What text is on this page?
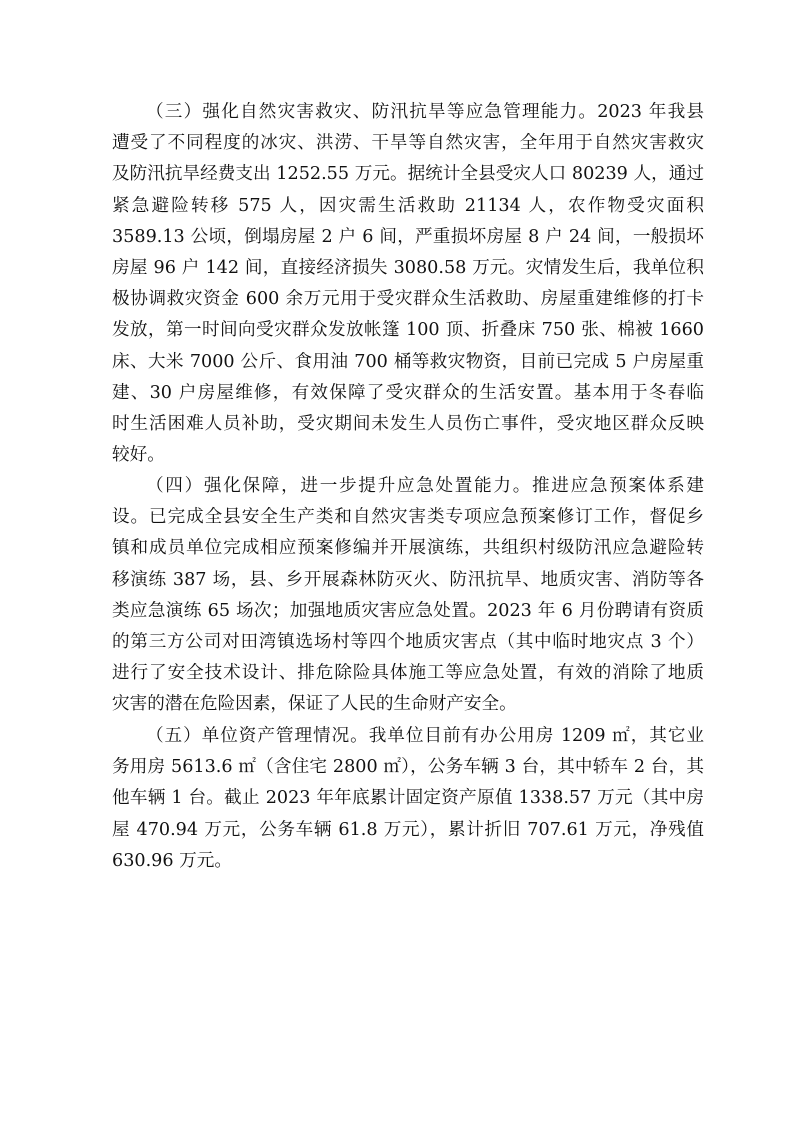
（三）强化自然灾害救灾、防汛抗旱等应急管理能力。2023 年我县
遭受了不同程度的冰灾、洪涝、干旱等自然灾害，全年用于自然灾害救灾
及防汛抗旱经费支出 1252.55 万元。据统计全县受灾人口 80239 人，通过
紧急避险转移 575 人，因灾需生活救助 21134 人，农作物受灾面积
3589.13 公顷，倒塌房屋 2 户 6 间，严重损坏房屋 8 户 24 间，一般损坏
房屋 96 户 142 间，直接经济损失 3080.58 万元。灾情发生后，我单位积
极协调救灾资金 600 余万元用于受灾群众生活救助、房屋重建维修的打卡
发放，第一时间向受灾群众发放帐篷 100 顶、折叠床 750 张、棉被 1660
床、大米 7000 公斤、食用油 700 桶等救灾物资，目前已完成 5 户房屋重
建、30 户房屋维修，有效保障了受灾群众的生活安置。基本用于冬春临
时生活困难人员补助，受灾期间未发生人员伤亡事件，受灾地区群众反映
较好。
（四）强化保障，进一步提升应急处置能力。推进应急预案体系建
设。已完成全县安全生产类和自然灾害类专项应急预案修订工作，督促乡
镇和成员单位完成相应预案修编并开展演练，共组织村级防汛应急避险转
移演练 387 场，县、乡开展森林防灭火、防汛抗旱、地质灾害、消防等各
类应急演练 65 场次；加强地质灾害应急处置。2023 年 6 月份聘请有资质
的第三方公司对田湾镇选场村等四个地质灾害点（其中临时地灾点 3 个）
进行了安全技术设计、排危除险具体施工等应急处置，有效的消除了地质
灾害的潜在危险因素，保证了人民的生命财产安全。
（五）单位资产管理情况。我单位目前有办公用房 1209 ㎡，其它业
务用房 5613.6 ㎡（含住宅 2800 ㎡），公务车辆 3 台，其中轿车 2 台，其
他车辆 1 台。截止 2023 年年底累计固定资产原值 1338.57 万元（其中房
屋 470.94 万元，公务车辆 61.8 万元），累计折旧 707.61 万元，净残值
630.96 万元。
